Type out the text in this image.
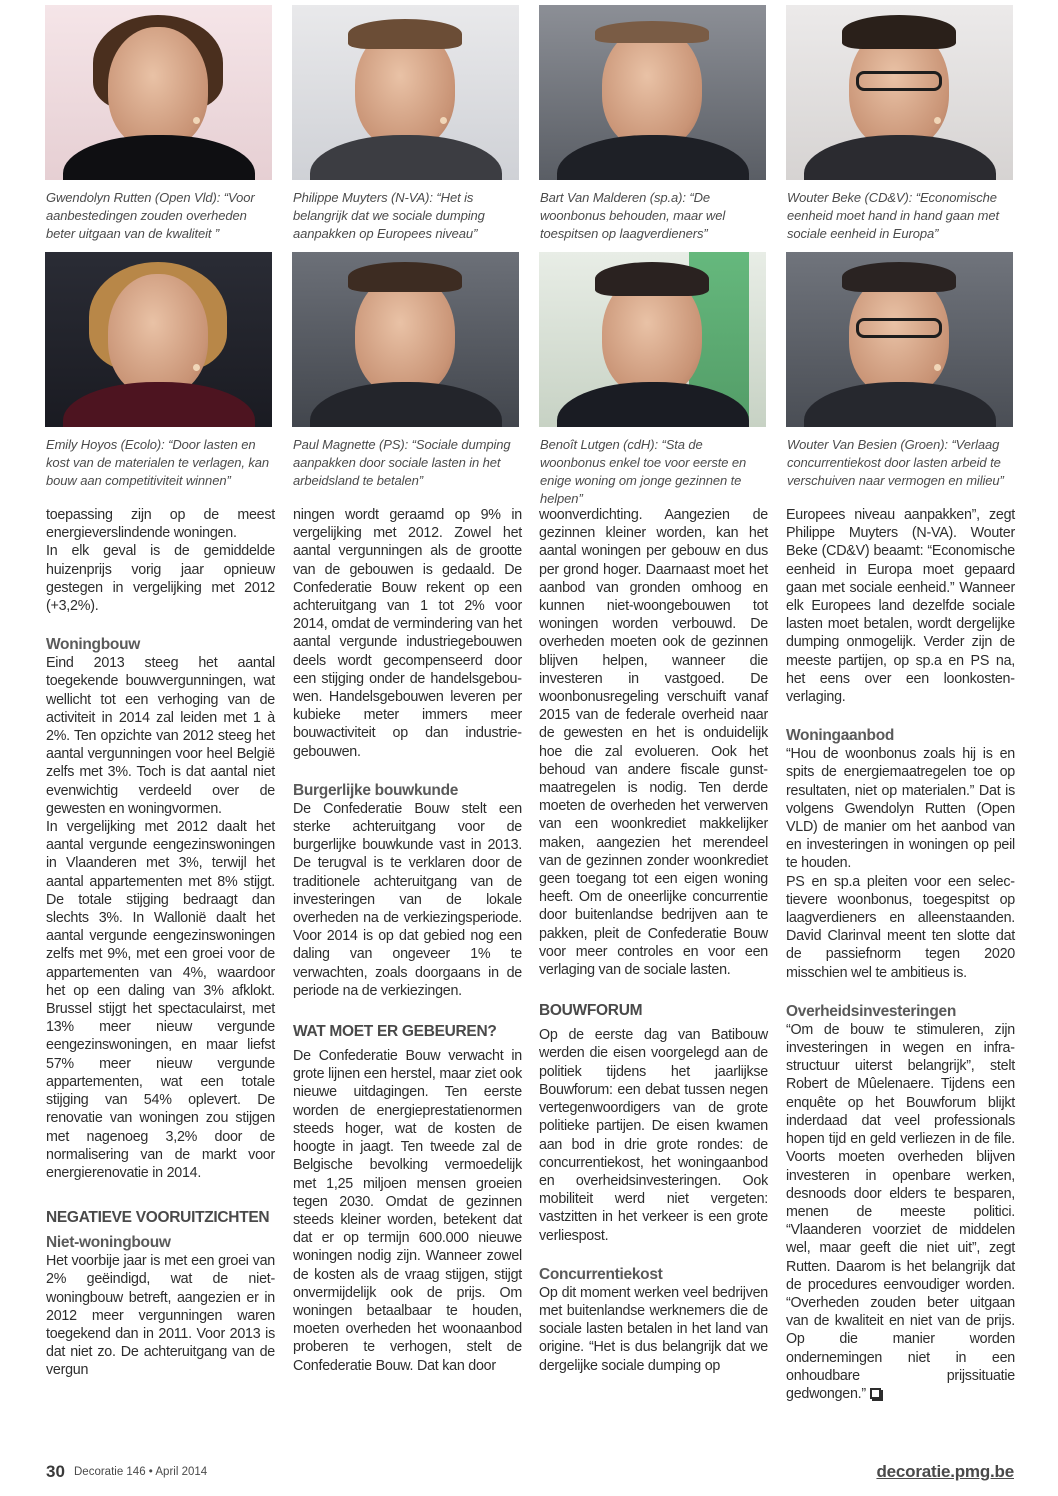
Gwendolyn Rutten (Open Vld): “Voor aanbestedingen zouden overheden beter uitgaan van de kwaliteit ”
Philippe Muyters (N-VA): “Het is belangrijk dat we sociale dumping aanpakken op Europees niveau”
Bart Van Malderen (sp.a): “De woonbonus behouden, maar wel toespitsen op laagverdieners”
Wouter Beke (CD&V): “Economische eenheid moet hand in hand gaan met sociale eenheid in Europa”
Emily Hoyos (Ecolo): “Door lasten en kost van de materialen te verlagen, kan bouw aan competitiviteit winnen”
Paul Magnette (PS): “Sociale dumping aanpakken door sociale lasten in het arbeidsland te betalen”
Benoît Lutgen (cdH): “Sta de woonbonus enkel toe voor eerste en enige woning om jonge gezinnen te helpen”
Wouter Van Besien (Groen): “Verlaag concurrentiekost door lasten arbeid te verschuiven naar vermogen en milieu”

toepassing zijn op de meest energieverslindende woningen.

In elk geval is de gemiddelde huizenprijs vorig jaar opnieuw gestegen in vergelijking met 2012 (+3,2%).

Woningbouw

Eind 2013 steeg het aantal toegekende bouwvergunningen, wat wellicht tot een verhoging van de activiteit in 2014 zal leiden met 1 à 2%. Ten opzichte van 2012 steeg het aantal vergunningen voor heel België zelfs met 3%. Toch is dat aantal niet evenwichtig verdeeld over de gewesten en woningvormen.

In vergelijking met 2012 daalt het aantal vergunde eengezinswoningen in Vlaanderen met 3%, terwijl het aantal appartementen met 8% stijgt. De totale stijging bedraagt dan slechts 3%. In Wallonië daalt het aantal vergunde eengezinswoningen zelfs met 9%, met een groei voor de appartementen van 4%, waardoor het op een daling van 3% afklokt. Brussel stijgt het spectaculairst, met 13% meer nieuw vergunde eengezinswoningen, en maar liefst 57% meer nieuw vergunde appartementen, wat een totale stijging van 54% oplevert. De renovatie van woningen zou stijgen met nagenoeg 3,2% door de normalisering van de markt voor energierenovatie in 2014.

NEGATIEVE VOORUITZICHTEN
Niet-woningbouw

Het voorbije jaar is met een groei van 2% geëindigd, wat de niet-woningbouw betreft, aangezien er in 2012 meer vergunningen waren toegekend dan in 2011. Voor 2013 is dat niet zo. De achteruitgang van de vergun

ningen wordt geraamd op 9% in vergelijking met 2012. Zowel het aantal vergunningen als de grootte van de gebouwen is gedaald. De Confederatie Bouw rekent op een achteruitgang van 1 tot 2% voor 2014, omdat de vermindering van het aantal vergunde industriegebouwen deels wordt gecompenseerd door een stijging onder de handelsgebouwen. Handelsgebouwen leveren per kubieke meter immers meer bouwactiviteit op dan industriegebouwen.

Burgerlijke bouwkunde

De Confederatie Bouw stelt een sterke achteruitgang voor de burgerlijke bouwkunde vast in 2013. De terugval is te verklaren door de traditionele achteruitgang van de investeringen van de lokale overheden na de verkiezingsperiode. Voor 2014 is op dat gebied nog een daling van ongeveer 1% te verwachten, zoals doorgaans in de periode na de verkiezingen.

WAT MOET ER GEBEUREN?

De Confederatie Bouw verwacht in grote lijnen een herstel, maar ziet ook nieuwe uitdagingen. Ten eerste worden de energieprestatienormen steeds hoger, wat de kosten de hoogte in jaagt. Ten tweede zal de Belgische bevolking vermoedelijk met 1,25 miljoen mensen groeien tegen 2030. Omdat de gezinnen steeds kleiner worden, betekent dat dat er op termijn 600.000 nieuwe woningen nodig zijn. Wanneer zowel de kosten als de vraag stijgen, stijgt onvermijdelijk ook de prijs. Om woningen betaalbaar te houden, moeten overheden het woonaanbod proberen te verhogen, stelt de Confederatie Bouw. Dat kan door

woonverdichting. Aangezien de gezinnen kleiner worden, kan het aantal woningen per gebouw en dus per grond hoger. Daarnaast moet het aanbod van gronden omhoog en kunnen niet-woongebouwen tot woningen worden verbouwd. De overheden moeten ook de gezinnen blijven helpen, wanneer die investeren in vastgoed. De woonbonusregeling verschuift vanaf 2015 van de federale overheid naar de gewesten en het is onduidelijk hoe die zal evolueren. Ook het behoud van andere fiscale gunstmaatregelen is nodig. Ten derde moeten de overheden het verwerven van een woonkrediet makkelijker maken, aangezien het merendeel van de gezinnen zonder woonkrediet geen toegang tot een eigen woning heeft. Om de oneerlijke concurrentie door buitenlandse bedrijven aan te pakken, pleit de Confederatie Bouw voor meer controles en voor een verlaging van de sociale lasten.

BOUWFORUM

Op de eerste dag van Batibouw werden die eisen voorgelegd aan de politiek tijdens het jaarlijkse Bouwforum: een debat tussen negen vertegenwoordigers van de grote politieke partijen. De eisen kwamen aan bod in drie grote rondes: de concurrentiekost, het woningaanbod en overheidsinvesteringen. Ook mobiliteit werd niet vergeten: vastzitten in het verkeer is een grote verliespost.

Concurrentiekost

Op dit moment werken veel bedrijven met buitenlandse werknemers die de sociale lasten betalen in het land van origine. “Het is dus belangrijk dat we dergelijke sociale dumping op

Europees niveau aanpakken”, zegt Philippe Muyters (N-VA). Wouter Beke (CD&V) beaamt: “Economische eenheid in Europa moet gepaard gaan met sociale eenheid.” Wanneer elk Europees land dezelfde sociale lasten moet betalen, wordt dergelijke dumping onmogelijk. Verder zijn de meeste partijen, op sp.a en PS na, het eens over een loonkostenverlaging.

Woningaanbod

“Hou de woonbonus zoals hij is en spits de energiemaatregelen toe op resultaten, niet op materialen.” Dat is volgens Gwendolyn Rutten (Open VLD) de manier om het aanbod van en investeringen in woningen op peil te houden.

PS en sp.a pleiten voor een selectievere woonbonus, toegespitst op laagverdieners en alleenstaanden. David Clarinval meent ten slotte dat de passiefnorm tegen 2020 misschien wel te ambitieus is.

Overheidsinvesteringen

“Om de bouw te stimuleren, zijn investeringen in wegen en infrastructuur uiterst belangrijk”, stelt Robert de Mûelenaere. Tijdens een enquête op het Bouwforum blijkt inderdaad dat veel professionals hopen tijd en geld verliezen in de file. Voorts moeten overheden blijven investeren in openbare werken, desnoods door elders te besparen, menen de meeste politici. “Vlaanderen voorziet de middelen wel, maar geeft die niet uit”, zegt Rutten. Daarom is het belangrijk dat de procedures eenvoudiger worden. “Overheden zouden beter uitgaan van de kwaliteit en niet van de prijs. Op die manier worden ondernemingen niet in een onhoudbare prijssituatie gedwongen.”

30 Decoratie 146 • April 2014	decoratie.pmg.be
